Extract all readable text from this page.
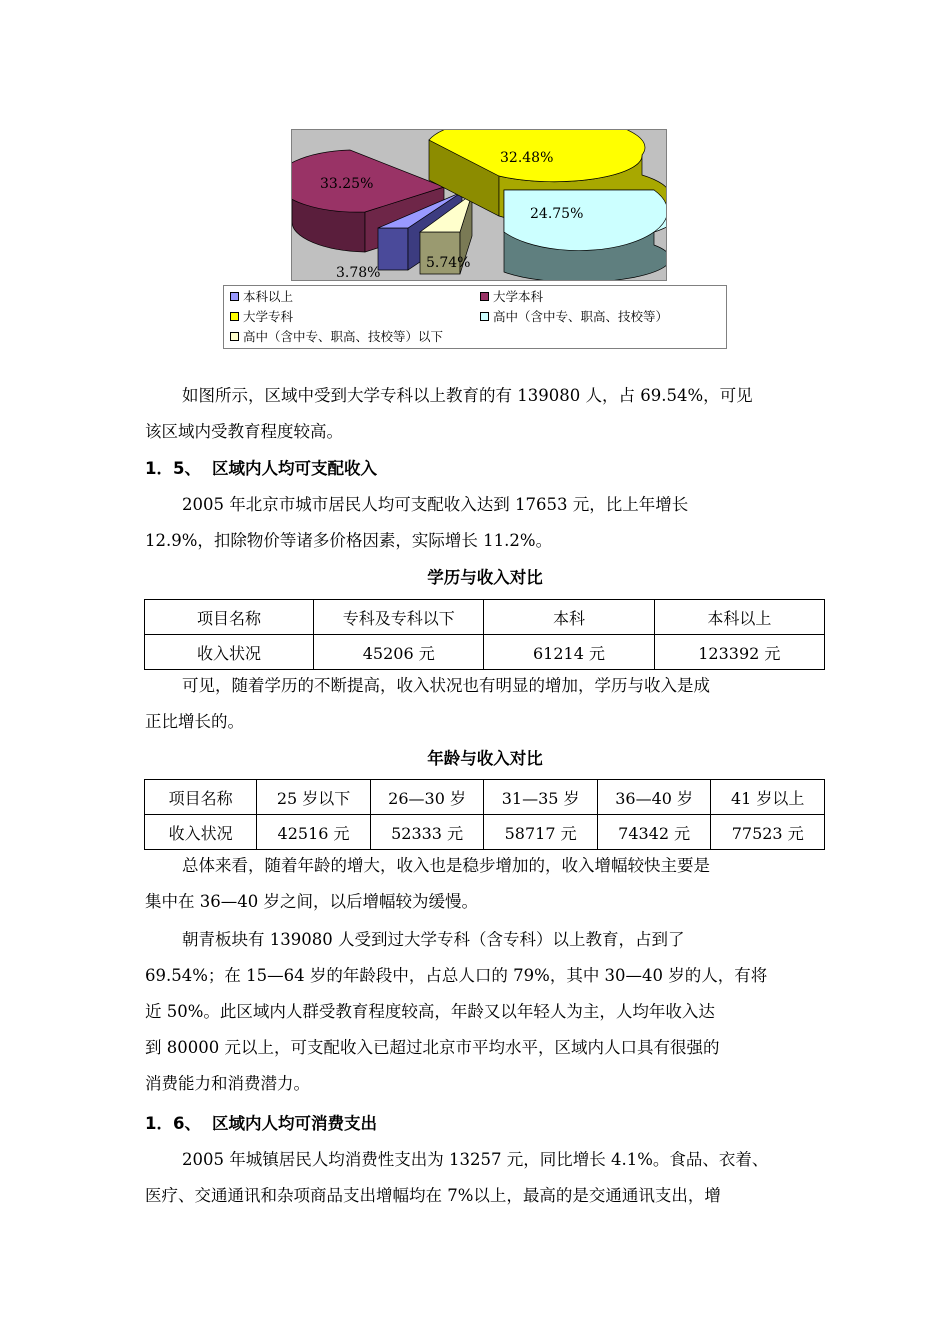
33.25%
32.48%
24.75%
3.78%
5.74%
本科以上	大学本科
大学专科	高中（含中专、职高、技校等）
高中（含中专、职高、技校等）以下

如图所示，区域中受到大学专科以上教育的有 139080 人，占 69.54%，可见
该区域内受教育程度较高。

1．5、 区域内人均可支配收入

2005 年北京市城市居民人均可支配收入达到 17653 元，比上年增长
12.9%，扣除物价等诸多价格因素，实际增长 11.2%。

学历与收入对比
项目名称	专科及专科以下	本科	本科以上
收入状况	45206 元	61214 元	123392 元

可见，随着学历的不断提高，收入状况也有明显的增加，学历与收入是成
正比增长的。

年龄与收入对比
项目名称	25 岁以下	26—30 岁	31—35 岁	36—40 岁	41 岁以上
收入状况	42516 元	52333 元	58717 元	74342 元	77523 元

总体来看，随着年龄的增大，收入也是稳步增加的，收入增幅较快主要是
集中在 36—40 岁之间，以后增幅较为缓慢。

朝青板块有 139080 人受到过大学专科（含专科）以上教育，占到了
69.54%；在 15—64 岁的年龄段中，占总人口的 79%，其中 30—40 岁的人，有将
近 50%。此区域内人群受教育程度较高，年龄又以年轻人为主，人均年收入达
到 80000 元以上，可支配收入已超过北京市平均水平，区域内人口具有很强的
消费能力和消费潜力。

1．6、 区域内人均可消费支出

2005 年城镇居民人均消费性支出为 13257 元，同比增长 4.1%。食品、衣着、
医疗、交通通讯和杂项商品支出增幅均在 7%以上，最高的是交通通讯支出，增
